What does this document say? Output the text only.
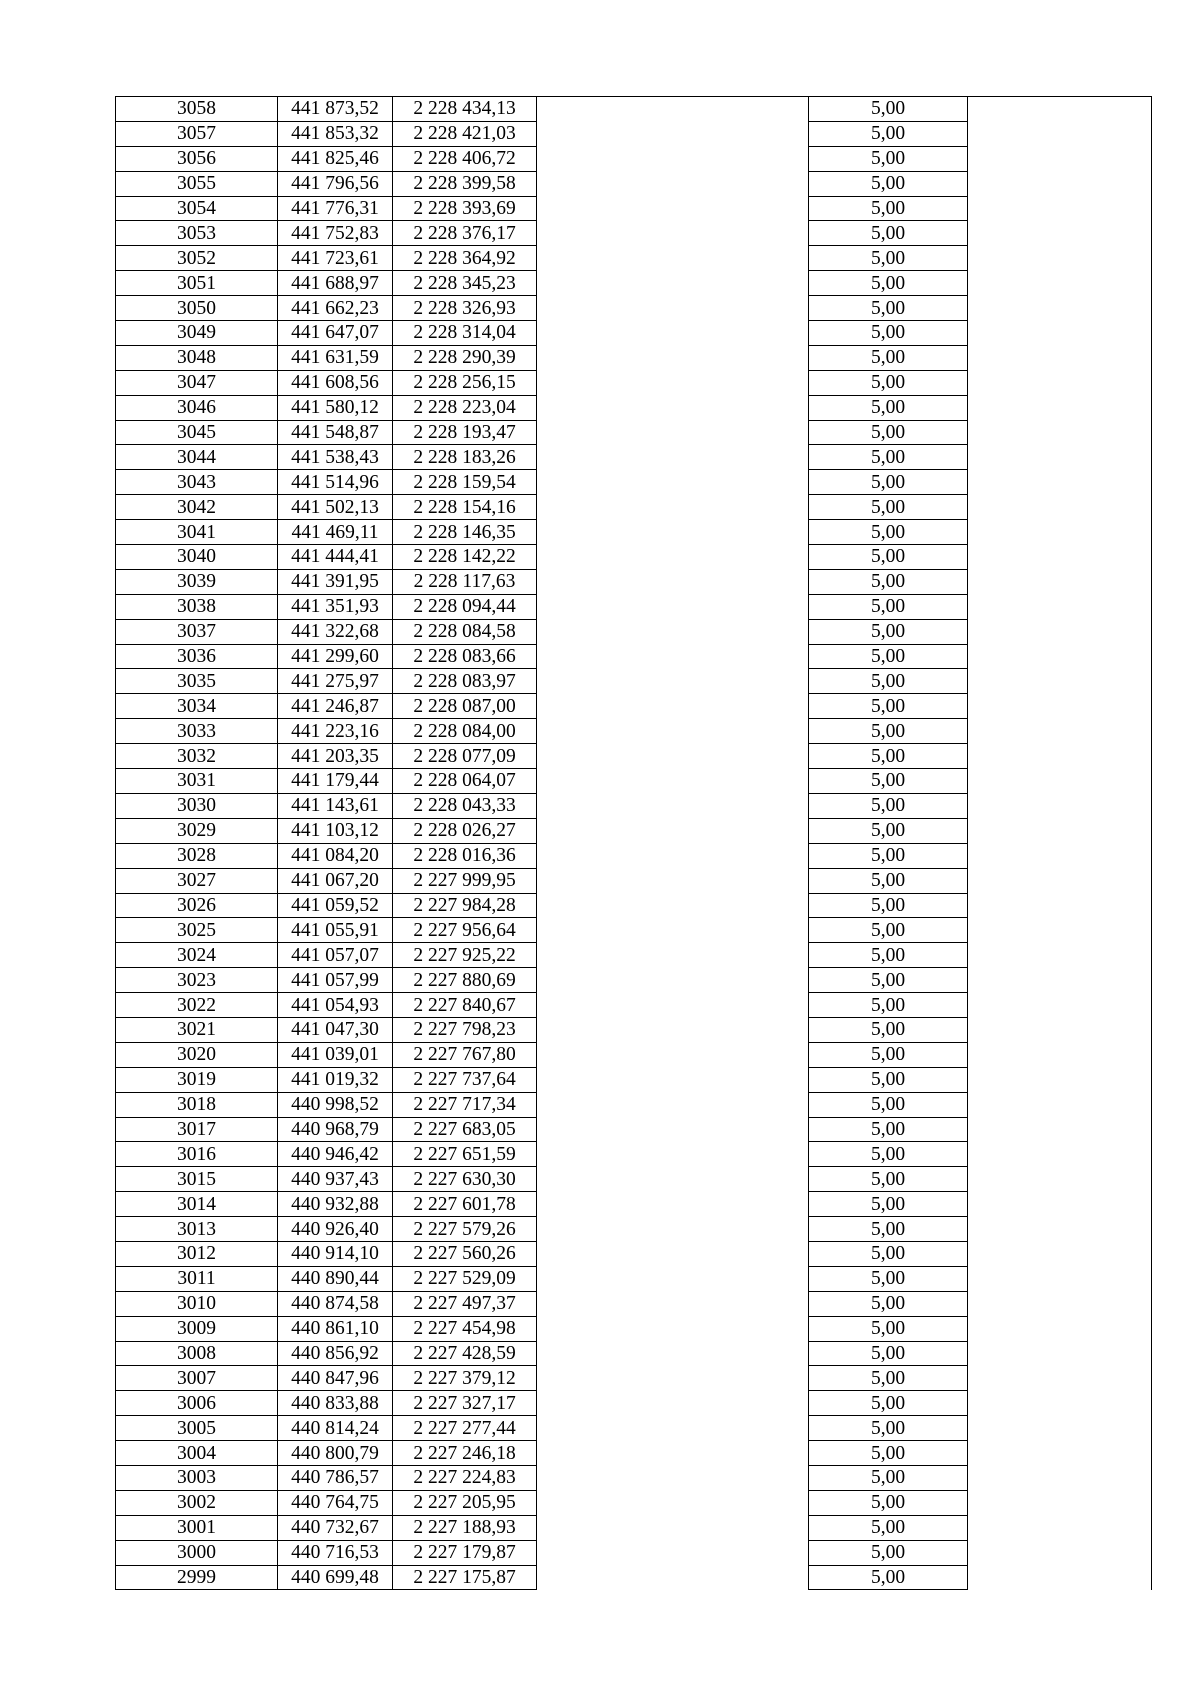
3058	441 873,52	2 228 434,13		5,00	
3057	441 853,32	2 228 421,03		5,00	
3056	441 825,46	2 228 406,72		5,00	
3055	441 796,56	2 228 399,58		5,00	
3054	441 776,31	2 228 393,69		5,00	
3053	441 752,83	2 228 376,17		5,00	
3052	441 723,61	2 228 364,92		5,00	
3051	441 688,97	2 228 345,23		5,00	
3050	441 662,23	2 228 326,93		5,00	
3049	441 647,07	2 228 314,04		5,00	
3048	441 631,59	2 228 290,39		5,00	
3047	441 608,56	2 228 256,15		5,00	
3046	441 580,12	2 228 223,04		5,00	
3045	441 548,87	2 228 193,47		5,00	
3044	441 538,43	2 228 183,26		5,00	
3043	441 514,96	2 228 159,54		5,00	
3042	441 502,13	2 228 154,16		5,00	
3041	441 469,11	2 228 146,35		5,00	
3040	441 444,41	2 228 142,22		5,00	
3039	441 391,95	2 228 117,63		5,00	
3038	441 351,93	2 228 094,44		5,00	
3037	441 322,68	2 228 084,58		5,00	
3036	441 299,60	2 228 083,66		5,00	
3035	441 275,97	2 228 083,97		5,00	
3034	441 246,87	2 228 087,00		5,00	
3033	441 223,16	2 228 084,00		5,00	
3032	441 203,35	2 228 077,09		5,00	
3031	441 179,44	2 228 064,07		5,00	
3030	441 143,61	2 228 043,33		5,00	
3029	441 103,12	2 228 026,27		5,00	
3028	441 084,20	2 228 016,36		5,00	
3027	441 067,20	2 227 999,95		5,00	
3026	441 059,52	2 227 984,28		5,00	
3025	441 055,91	2 227 956,64		5,00	
3024	441 057,07	2 227 925,22		5,00	
3023	441 057,99	2 227 880,69		5,00	
3022	441 054,93	2 227 840,67		5,00	
3021	441 047,30	2 227 798,23		5,00	
3020	441 039,01	2 227 767,80		5,00	
3019	441 019,32	2 227 737,64		5,00	
3018	440 998,52	2 227 717,34		5,00	
3017	440 968,79	2 227 683,05		5,00	
3016	440 946,42	2 227 651,59		5,00	
3015	440 937,43	2 227 630,30		5,00	
3014	440 932,88	2 227 601,78		5,00	
3013	440 926,40	2 227 579,26		5,00	
3012	440 914,10	2 227 560,26		5,00	
3011	440 890,44	2 227 529,09		5,00	
3010	440 874,58	2 227 497,37		5,00	
3009	440 861,10	2 227 454,98		5,00	
3008	440 856,92	2 227 428,59		5,00	
3007	440 847,96	2 227 379,12		5,00	
3006	440 833,88	2 227 327,17		5,00	
3005	440 814,24	2 227 277,44		5,00	
3004	440 800,79	2 227 246,18		5,00	
3003	440 786,57	2 227 224,83		5,00	
3002	440 764,75	2 227 205,95		5,00	
3001	440 732,67	2 227 188,93		5,00	
3000	440 716,53	2 227 179,87		5,00	
2999	440 699,48	2 227 175,87		5,00	
